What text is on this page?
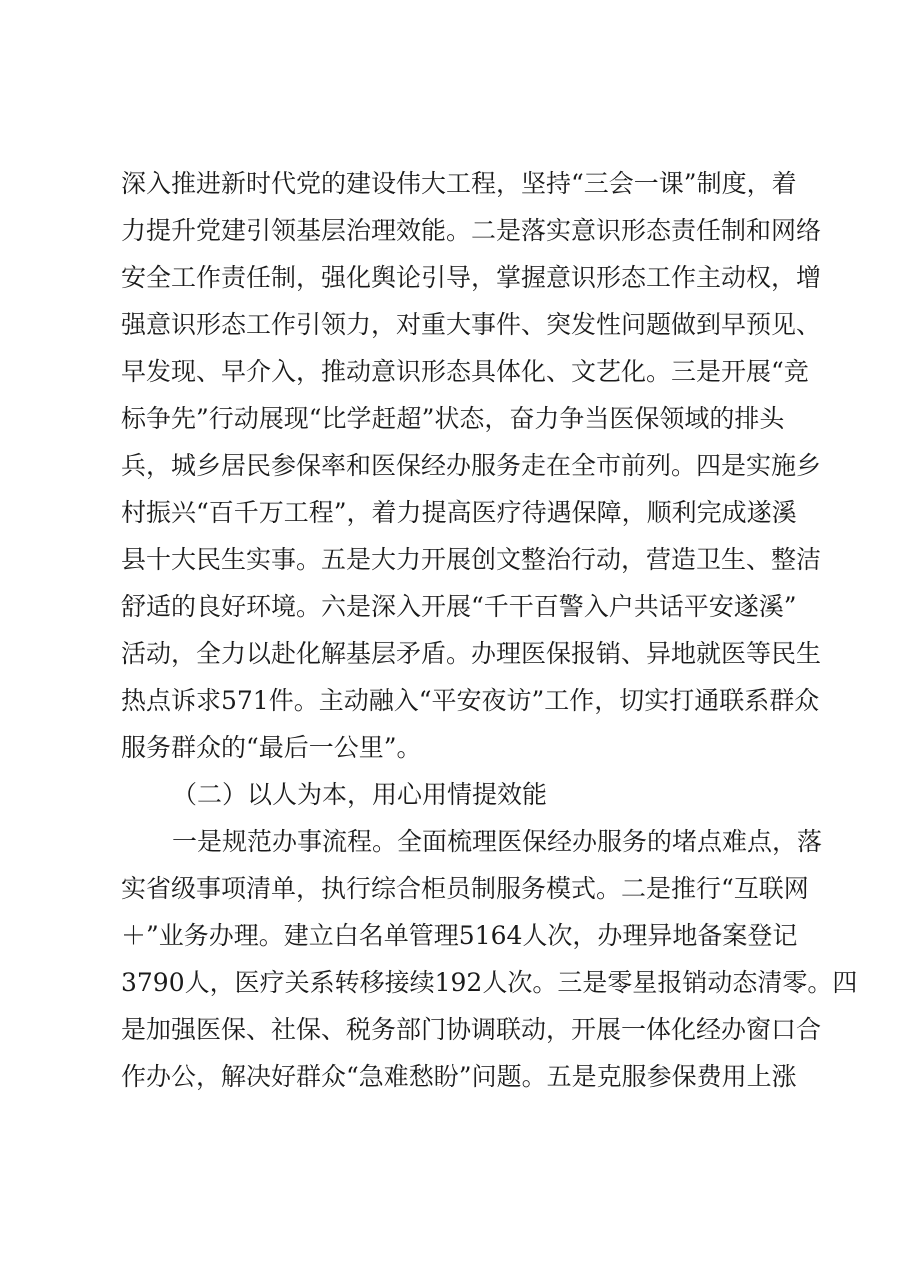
深入推进新时代党的建设伟大工程，坚持“三会一课”制度，着
力提升党建引领基层治理效能。二是落实意识形态责任制和网络
安全工作责任制，强化舆论引导，掌握意识形态工作主动权，增
强意识形态工作引领力，对重大事件、突发性问题做到早预见、
早发现、早介入，推动意识形态具体化、文艺化。三是开展“竞
标争先”行动展现“比学赶超”状态，奋力争当医保领域的排头
兵，城乡居民参保率和医保经办服务走在全市前列。四是实施乡
村振兴“百千万工程”，着力提高医疗待遇保障，顺利完成遂溪
县十大民生实事。五是大力开展创文整治行动，营造卫生、整洁
舒适的良好环境。六是深入开展“千干百警入户共话平安遂溪”
活动，全力以赴化解基层矛盾。办理医保报销、异地就医等民生
热点诉求571件。主动融入“平安夜访”工作，切实打通联系群众
服务群众的“最后一公里”。
（二）以人为本，用心用情提效能
一是规范办事流程。全面梳理医保经办服务的堵点难点，落
实省级事项清单，执行综合柜员制服务模式。二是推行“互联网
＋”业务办理。建立白名单管理5164人次，办理异地备案登记
3790人，医疗关系转移接续192人次。三是零星报销动态清零。四
是加强医保、社保、税务部门协调联动，开展一体化经办窗口合
作办公，解决好群众“急难愁盼”问题。五是克服参保费用上涨
